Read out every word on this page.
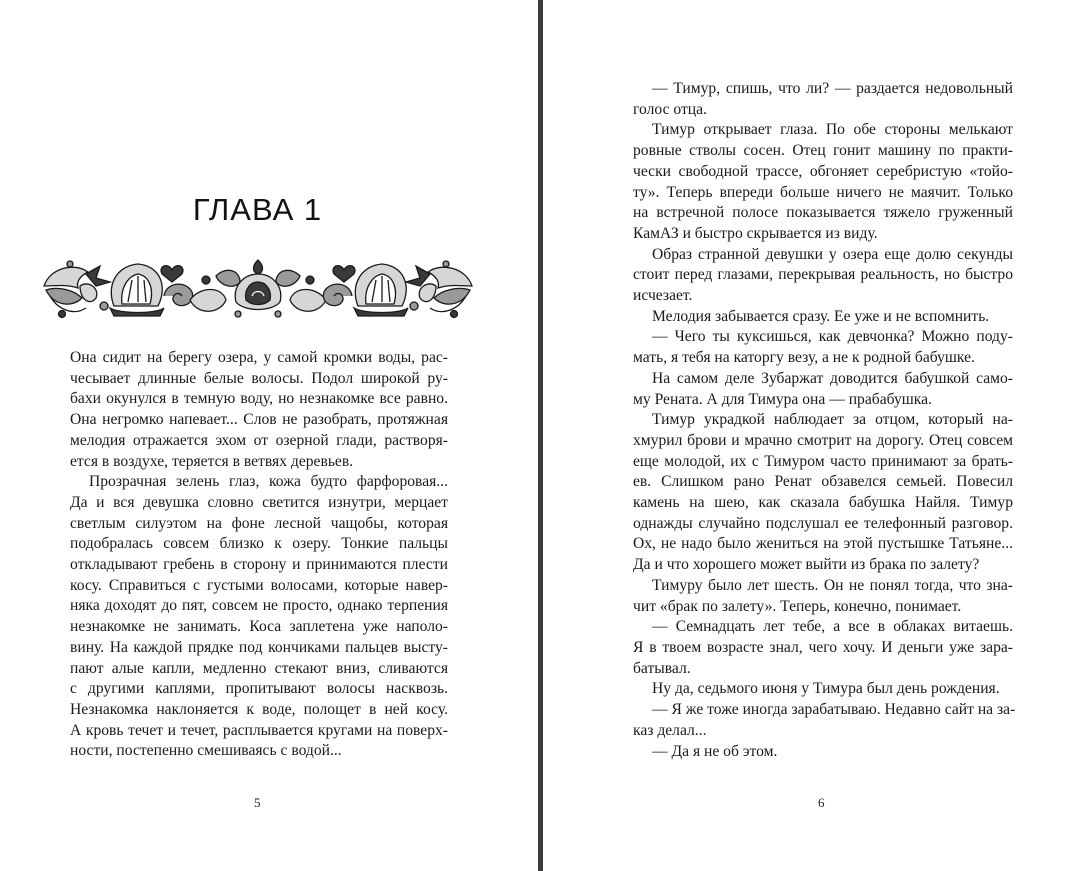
ГЛАВА 1
Она сидит на берегу озера, у самой кромки воды, рас-
чесывает длинные белые волосы. Подол широкой ру-
бахи окунулся в темную воду, но незнакомке все равно.
Она негромко напевает... Слов не разобрать, протяжная
мелодия отражается эхом от озерной глади, растворя-
ется в воздухе, теряется в ветвях деревьев.
Прозрачная зелень глаз, кожа будто фарфоровая...
Да и вся девушка словно светится изнутри, мерцает
светлым силуэтом на фоне лесной чащобы, которая
подобралась совсем близко к озеру. Тонкие пальцы
откладывают гребень в сторону и принимаются плести
косу. Справиться с густыми волосами, которые навер-
няка доходят до пят, совсем не просто, однако терпения
незнакомке не занимать. Коса заплетена уже наполо-
вину. На каждой прядке под кончиками пальцев высту-
пают алые капли, медленно стекают вниз, сливаются
с другими каплями, пропитывают волосы насквозь.
Незнакомка наклоняется к воде, полощет в ней косу.
А кровь течет и течет, расплывается кругами на поверх-
ности, постепенно смешиваясь с водой...
5
— Тимур, спишь, что ли? — раздается недовольный
голос отца.
Тимур открывает глаза. По обе стороны мелькают
ровные стволы сосен. Отец гонит машину по практи-
чески свободной трассе, обгоняет серебристую «тойо-
ту». Теперь впереди больше ничего не маячит. Только
на встречной полосе показывается тяжело груженный
КамАЗ и быстро скрывается из виду.
Образ странной девушки у озера еще долю секунды
стоит перед глазами, перекрывая реальность, но быстро
исчезает.
Мелодия забывается сразу. Ее уже и не вспомнить.
— Чего ты куксишься, как девчонка? Можно поду-
мать, я тебя на каторгу везу, а не к родной бабушке.
На самом деле Зубаржат доводится бабушкой само-
му Рената. А для Тимура она — прабабушка.
Тимур украдкой наблюдает за отцом, который на-
хмурил брови и мрачно смотрит на дорогу. Отец совсем
еще молодой, их с Тимуром часто принимают за брать-
ев. Слишком рано Ренат обзавелся семьей. Повесил
камень на шею, как сказала бабушка Найля. Тимур
однажды случайно подслушал ее телефонный разговор.
Ох, не надо было жениться на этой пустышке Татьяне...
Да и что хорошего может выйти из брака по залету?
Тимуру было лет шесть. Он не понял тогда, что зна-
чит «брак по залету». Теперь, конечно, понимает.
— Семнадцать лет тебе, а все в облаках витаешь.
Я в твоем возрасте знал, чего хочу. И деньги уже зара-
батывал.
Ну да, седьмого июня у Тимура был день рождения.
— Я же тоже иногда зарабатываю. Недавно сайт на за-
каз делал...
— Да я не об этом.
6
